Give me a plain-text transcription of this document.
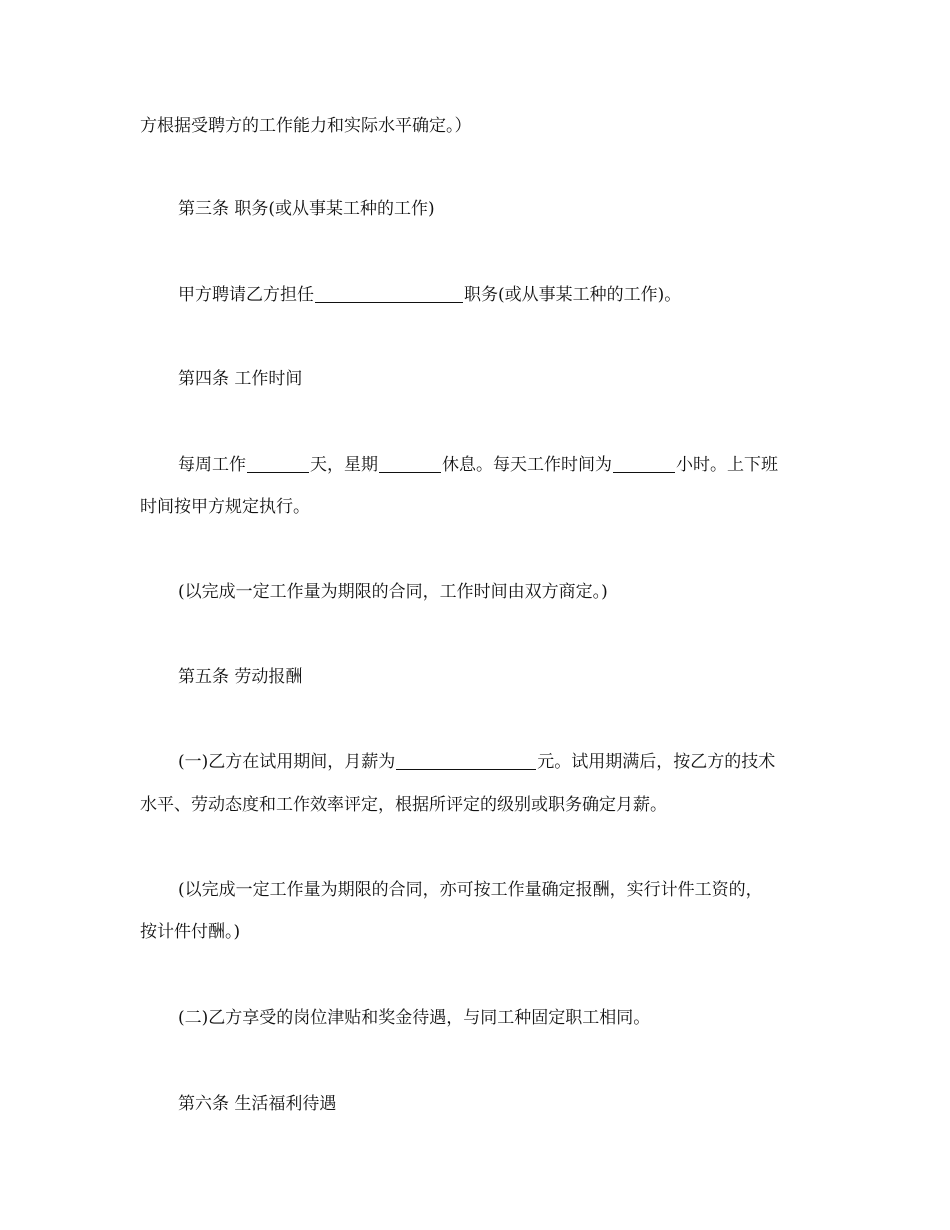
方根据受聘方的工作能力和实际水平确定。）
第三条 职务(或从事某工种的工作)
甲方聘请乙方担任	职务(或从事某工种的工作)。
第四条 工作时间
每周工作	天，星期	休息。每天工作时间为	小时。上下班
时间按甲方规定执行。
(以完成一定工作量为期限的合同，工作时间由双方商定。)
第五条 劳动报酬
(一)乙方在试用期间，月薪为	元。试用期满后，按乙方的技术
水平、劳动态度和工作效率评定，根据所评定的级别或职务确定月薪。
(以完成一定工作量为期限的合同，亦可按工作量确定报酬，实行计件工资的，
按计件付酬。)
(二)乙方享受的岗位津贴和奖金待遇，与同工种固定职工相同。
第六条 生活福利待遇
